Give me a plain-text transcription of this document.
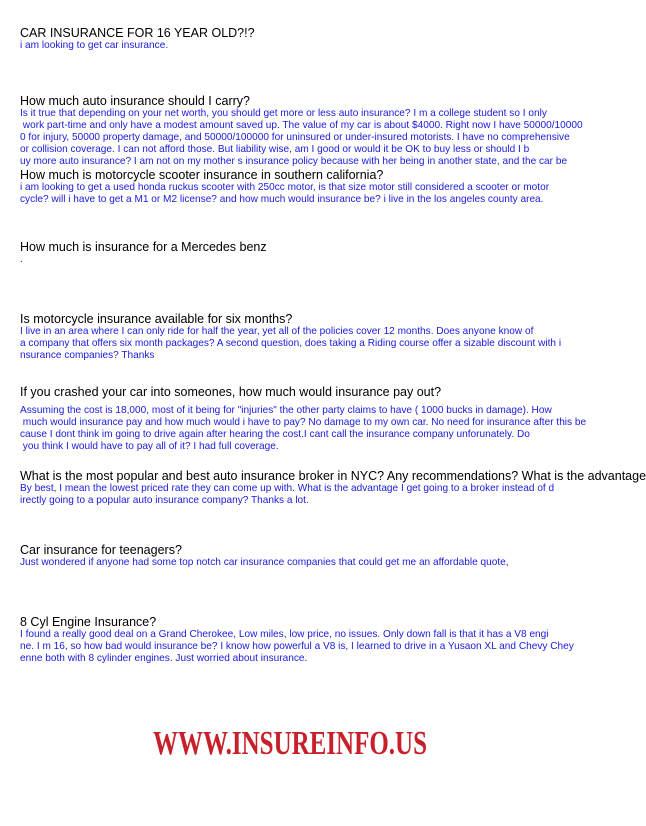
CAR INSURANCE FOR 16 YEAR OLD?!?

i am looking to get car insurance.

How much auto insurance should I carry?

Is it true that depending on your net worth, you should get more or less auto insurance? I m a college student so I only
work part-time and only have a modest amount saved up. The value of my car is about $4000. Right now I have 50000/10000
0 for injury, 50000 property damage, and 50000/100000 for uninsured or under-insured motorists. I have no comprehensive
or collision coverage. I can not afford those. But liability wise, am I good or would it be OK to buy less or should I b
uy more auto insurance? I am not on my mother s insurance policy because with her being in another state, and the car be

How much is motorcycle scooter insurance in southern california?

i am looking to get a used honda ruckus scooter with 250cc motor, is that size motor still considered a scooter or motor
cycle? will i have to get a M1 or M2 license? and how much would insurance be? i live in the los angeles county area.

How much is insurance for a Mercedes benz

.

Is motorcycle insurance available for six months?

I live in an area where I can only ride for half the year, yet all of the policies cover 12 months. Does anyone know of
a company that offers six month packages? A second question, does taking a Riding course offer a sizable discount with i
nsurance companies? Thanks

If you crashed your car into someones, how much would insurance pay out?

Assuming the cost is 18,000, most of it being for "injuries" the other party claims to have ( 1000 bucks in damage). How
much would insurance pay and how much would i have to pay? No damage to my own car. No need for insurance after this be
cause I dont think im going to drive again after hearing the cost.I cant call the insurance company unforunately. Do
you think I would have to pay all of it? I had full coverage.

What is the most popular and best auto insurance broker in NYC? Any recommendations? What is the advantage

By best, I mean the lowest priced rate they can come up with. What is the advantage I get going to a broker instead of d
irectly going to a popular auto insurance company? Thanks a lot.

Car insurance for teenagers?

Just wondered if anyone had some top notch car insurance companies that could get me an affordable quote,

8 Cyl Engine Insurance?

I found a really good deal on a Grand Cherokee, Low miles, low price, no issues. Only down fall is that it has a V8 engi
ne. I m 16, so how bad would insurance be? I know how powerful a V8 is, I learned to drive in a Yusaon XL and Chevy Chey
enne both with 8 cylinder engines. Just worried about insurance.

WWW.INSUREINFO.US
